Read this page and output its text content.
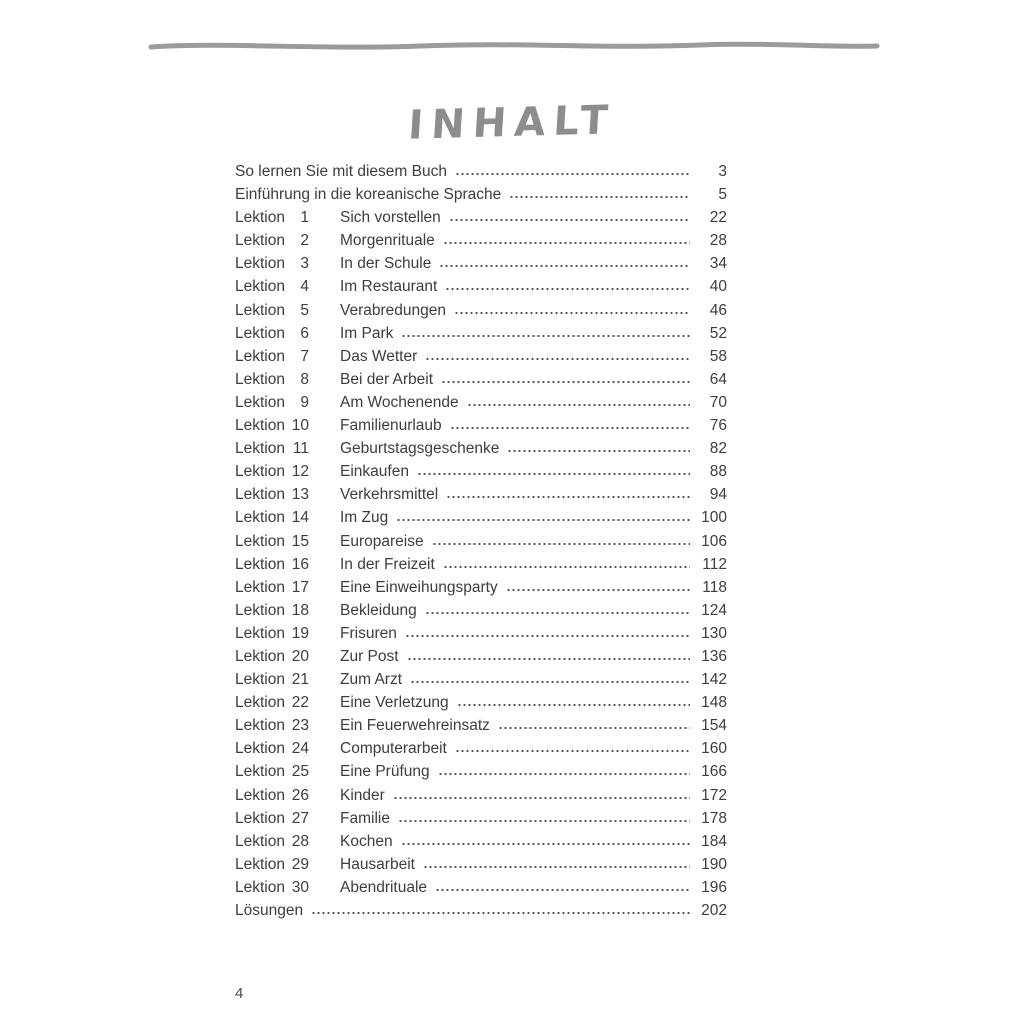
INHALT
So lernen Sie mit diesem Buch	3
Einführung in die koreanische Sprache	5
Lektion 1 Sich vorstellen	22
Lektion 2 Morgenrituale	28
Lektion 3 In der Schule	34
Lektion 4 Im Restaurant	40
Lektion 5 Verabredungen	46
Lektion 6 Im Park	52
Lektion 7 Das Wetter	58
Lektion 8 Bei der Arbeit	64
Lektion 9 Am Wochenende	70
Lektion 10 Familienurlaub	76
Lektion 11 Geburtstagsgeschenke	82
Lektion 12 Einkaufen	88
Lektion 13 Verkehrsmittel	94
Lektion 14 Im Zug	100
Lektion 15 Europareise	106
Lektion 16 In der Freizeit	112
Lektion 17 Eine Einweihungsparty	118
Lektion 18 Bekleidung	124
Lektion 19 Frisuren	130
Lektion 20 Zur Post	136
Lektion 21 Zum Arzt	142
Lektion 22 Eine Verletzung	148
Lektion 23 Ein Feuerwehreinsatz	154
Lektion 24 Computerarbeit	160
Lektion 25 Eine Prüfung	166
Lektion 26 Kinder	172
Lektion 27 Familie	178
Lektion 28 Kochen	184
Lektion 29 Hausarbeit	190
Lektion 30 Abendrituale	196
Lösungen	202
4
